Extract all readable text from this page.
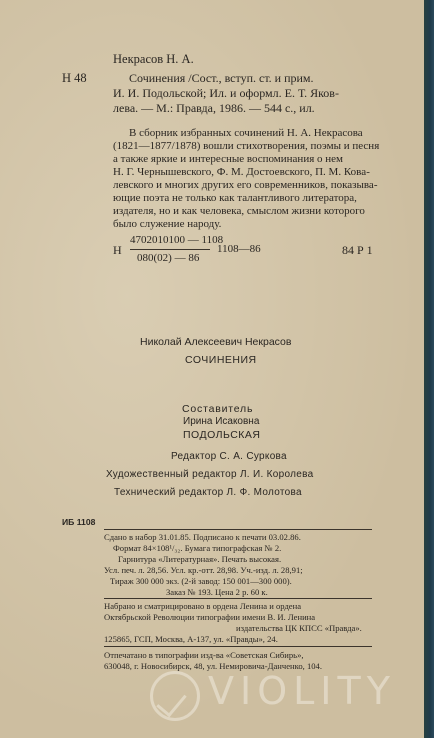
Н 48
Некрасов Н. А.
Сочинения /Сост., вступ. ст. и прим.
И. И. Подольской; Ил. и оформл. Е. Т. Яков-
лева. — М.: Правда, 1986. — 544 с., ил.
В сборник избранных сочинений Н. А. Некрасова
(1821—1877/1878) вошли стихотворения, поэмы и песня
а также яркие и интересные воспоминания о нем
Н. Г. Чернышевского, Ф. М. Достоевского, П. М. Ковa-
левского и многих других его современников, показыва-
ющие поэта не только как талантливого литератора,
издателя, но и как человека, смыслом жизни которого
было служение народу.
Н
4702010100 — 1108
080(02) — 86
1108—86	84 Р 1
Николай Алексеевич Некрасов
СОЧИНЕНИЯ
Составитель
Ирина Исаковна
ПОДОЛЬСКАЯ
Редактор С. А. Суркова
Художественный редактор Л. И. Королева
Технический редактор Л. Ф. Молотова
ИБ 1108
Сдано в набор 31.01.85. Подписано к печати 03.02.86.
Формат 84×108¹/₃₂. Бумага типографская № 2.
Гарнитура «Литературная». Печать высокая.
Усл. печ. л. 28,56. Усл. кр.-отт. 28,98. Уч.-изд. л. 28,91;
Тираж 300 000 экз. (2-й завод: 150 001—300 000).
Заказ № 193. Цена 2 р. 60 к.
Набрано и сматрицировано в ордена Ленина и ордена
Октябрьской Революции типографии имени В. И. Ленина
издательства ЦК КПСС «Правда».
125865, ГСП, Москва, А-137, ул. «Правды», 24.
Отпечатано в типографии изд-ва «Советская Сибирь»,
630048, г. Новосибирск, 48, ул. Немировича-Данченко, 104.
VIOLITY
